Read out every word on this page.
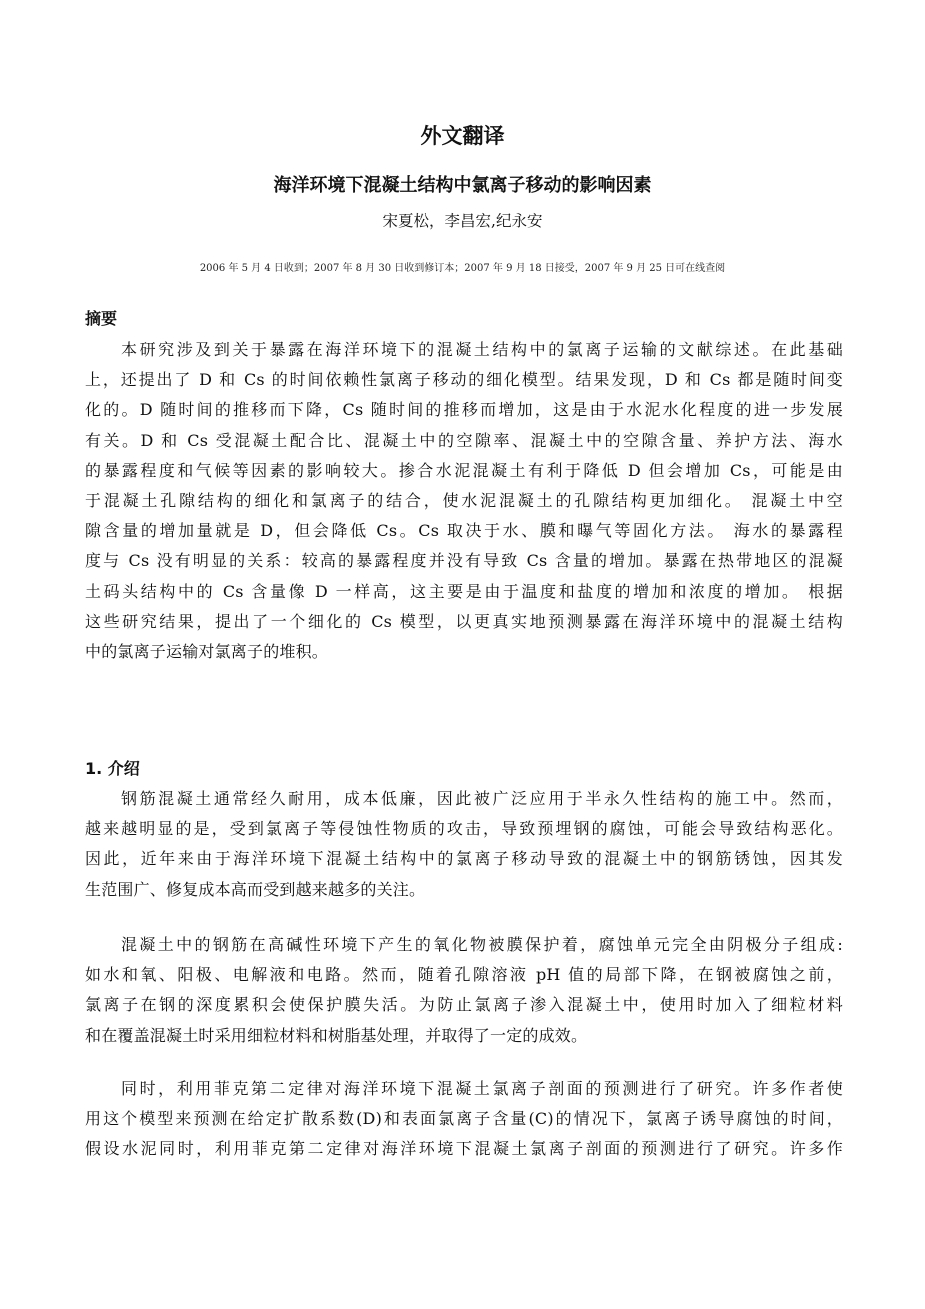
外文翻译
海洋环境下混凝土结构中氯离子移动的影响因素
宋夏松，李昌宏,纪永安
2006 年 5 月 4 日收到；2007 年 8 月 30 日收到修订本；2007 年 9 月 18 日接受，2007 年 9 月 25 日可在线查阅
摘要
本研究涉及到关于暴露在海洋环境下的混凝土结构中的氯离子运输的文献综述。在此基础
上，还提出了 D 和 Cs 的时间依赖性氯离子移动的细化模型。结果发现，D 和 Cs 都是随时间变
化的。D 随时间的推移而下降，Cs 随时间的推移而增加，这是由于水泥水化程度的进一步发展
有关。D 和 Cs 受混凝土配合比、混凝土中的空隙率、混凝土中的空隙含量、养护方法、海水
的暴露程度和气候等因素的影响较大。掺合水泥混凝土有利于降低 D 但会增加 Cs，可能是由
于混凝土孔隙结构的细化和氯离子的结合，使水泥混凝土的孔隙结构更加细化。 混凝土中空
隙含量的增加量就是 D，但会降低 Cs。Cs 取决于水、膜和曝气等固化方法。 海水的暴露程
度与 Cs 没有明显的关系：较高的暴露程度并没有导致 Cs 含量的增加。暴露在热带地区的混凝
土码头结构中的 Cs 含量像 D 一样高，这主要是由于温度和盐度的增加和浓度的增加。 根据
这些研究结果，提出了一个细化的 Cs 模型，以更真实地预测暴露在海洋环境中的混凝土结构
中的氯离子运输对氯离子的堆积。
1. 介绍
钢筋混凝土通常经久耐用，成本低廉，因此被广泛应用于半永久性结构的施工中。然而，
越来越明显的是，受到氯离子等侵蚀性物质的攻击，导致预埋钢的腐蚀，可能会导致结构恶化。
因此，近年来由于海洋环境下混凝土结构中的氯离子移动导致的混凝土中的钢筋锈蚀，因其发
生范围广、修复成本高而受到越来越多的关注。
混凝土中的钢筋在高碱性环境下产生的氧化物被膜保护着，腐蚀单元完全由阴极分子组成:
如水和氧、阳极、电解液和电路。然而，随着孔隙溶液 pH 值的局部下降，在钢被腐蚀之前，
氯离子在钢的深度累积会使保护膜失活。为防止氯离子渗入混凝土中，使用时加入了细粒材料
和在覆盖混凝土时采用细粒材料和树脂基处理，并取得了一定的成效。
同时，利用菲克第二定律对海洋环境下混凝土氯离子剖面的预测进行了研究。许多作者使
用这个模型来预测在给定扩散系数(D)和表面氯离子含量(C)的情况下，氯离子诱导腐蚀的时间，
假设水泥同时，利用菲克第二定律对海洋环境下混凝土氯离子剖面的预测进行了研究。许多作
